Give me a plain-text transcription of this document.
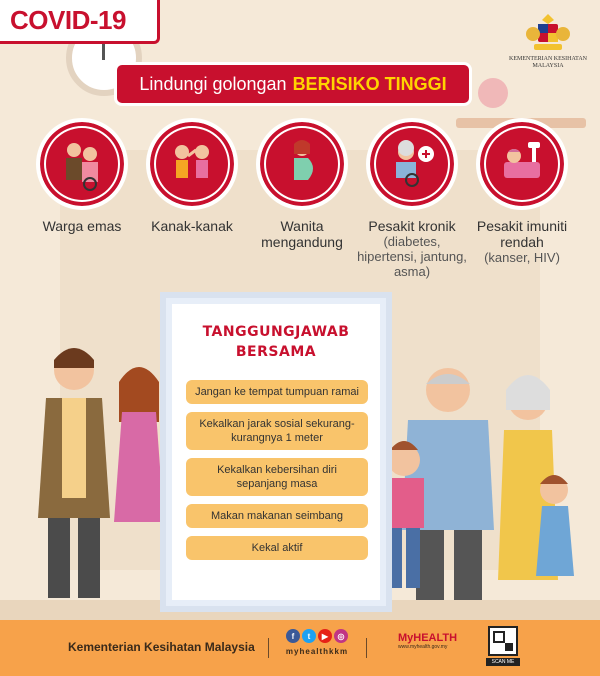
COVID-19
KEMENTERIAN KESIHATAN MALAYSIA
Lindungi golongan BERISIKO TINGGI
Warga emas	Kanak-kanak	Wanita mengandung
Pesakit kronik
(diabetes, hipertensi, jantung, asma)
Pesakit imuniti rendah
(kanser, HIV)
TANGGUNGJAWAB
BERSAMA
Jangan ke tempat tumpuan ramai
Kekalkan jarak sosial sekurang-kurangnya 1 meter
Kekalkan kebersihan diri sepanjang masa
Makan makanan seimbang
Kekal aktif
Kementerian Kesihatan Malaysia
f	t	▶	◎
myhealthkkm
MyHEALTH
www.myhealth.gov.my
SCAN ME
